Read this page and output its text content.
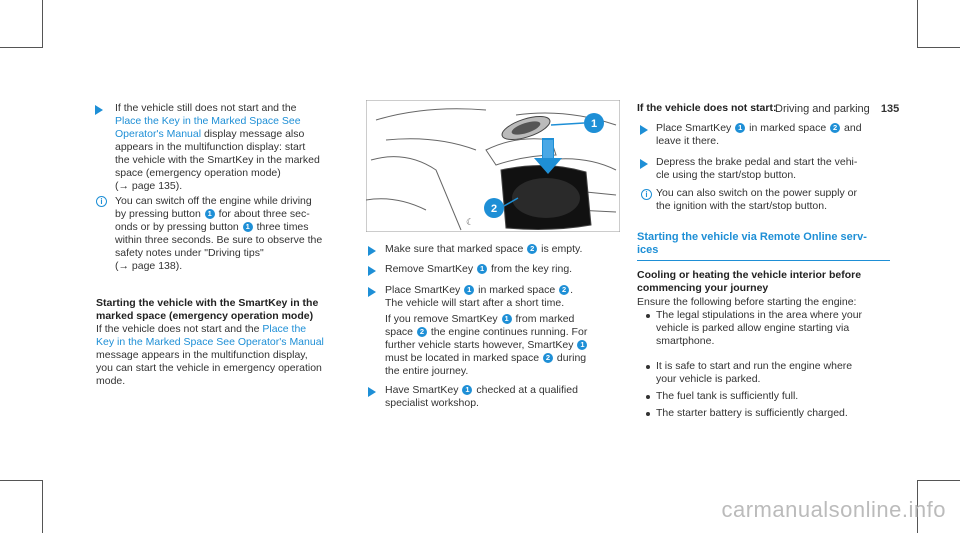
Driving and parking 135
If the vehicle still does not start and the
Place the Key in the Marked Space See
Operator's Manual display message also
appears in the multifunction display: start
the vehicle with the SmartKey in the marked
space (emergency operation mode)
(→ page 135).
i	You can switch off the engine while driving
by pressing button 1 for about three sec-
onds or by pressing button 1 three times
within three seconds. Be sure to observe the
safety notes under "Driving tips"
(→ page 138).
Starting the vehicle with the SmartKey in the
marked space (emergency operation mode)
If the vehicle does not start and the Place the
Key in the Marked Space See Operator's Manual
message appears in the multifunction display,
you can start the vehicle in emergency operation
mode.
1
2
☾
Make sure that marked space 2 is empty.
Remove SmartKey 1 from the key ring.
Place SmartKey 1 in marked space 2 .
The vehicle will start after a short time.
If you remove SmartKey 1 from marked
space 2 the engine continues running. For
further vehicle starts however, SmartKey 1
must be located in marked space 2 during
the entire journey.
Have SmartKey 1 checked at a qualified
specialist workshop.
If the vehicle does not start:
Place SmartKey 1 in marked space 2 and
leave it there.
Depress the brake pedal and start the vehi-
cle using the start/stop button.
i You can also switch on the power supply or
the ignition with the start/stop button.
Starting the vehicle via Remote Online serv-
ices
Cooling or heating the vehicle interior before
commencing your journey
Ensure the following before starting the engine:
The legal stipulations in the area where your
vehicle is parked allow engine starting via
smartphone.
It is safe to start and run the engine where
your vehicle is parked.
The fuel tank is sufficiently full.
The starter battery is sufficiently charged.
carmanualsonline.info
